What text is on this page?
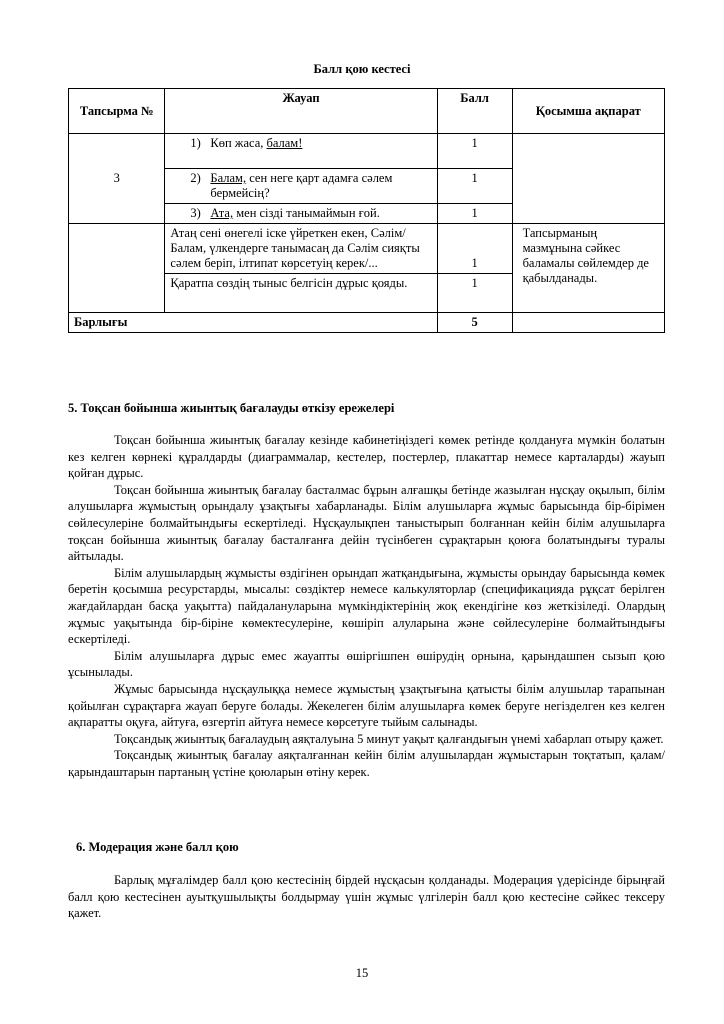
Балл қою кестесі
Тапсырма №	Жауап	Балл	Қосымша ақпарат
3	1) Көп жаса, балам!	1	

	2) Балам, сен неге қарт адамға сәлем бермейсің?	1	

	3) Ата, мен сізді танымаймын ғой.	1	
	Атаң сені өнегелі іске үйреткен екен, Сәлім/ Балам, үлкендерге танымасаң да Сәлім сияқты сәлем беріп, ілтипат көрсетуің керек/...	1	Тапсырманың мазмұнына сәйкес баламалы сөйлемдер де қабылданады.
	Қаратпа сөздің тыныс белгісін дұрыс қояды.	1	
Барлығы		5	
5. Тоқсан бойынша жиынтық бағалауды өткізу ережелері

Тоқсан бойынша жиынтық бағалау кезінде кабинетіңіздегі көмек ретінде қолдануға мүмкін болатын кез келген көрнекі құралдарды (диаграммалар, кестелер, постерлер, плакаттар немесе карталарды) жауып қойған дұрыс.

Тоқсан бойынша жиынтық бағалау басталмас бұрын алғашқы бетінде жазылған нұсқау оқылып, білім алушыларға жұмыстың орындалу ұзақтығы хабарланады. Білім алушыларға жұмыс барысында бір-бірімен сөйлесулеріне болмайтындығы ескертіледі. Нұсқаулықпен таныстырып болғаннан кейін білім алушыларға тоқсан бойынша жиынтық бағалау басталғанға дейін түсінбеген сұрақтарын қоюға болатындығы туралы айтылады.

Білім алушылардың жұмысты өздігінен орындап жатқандығына, жұмысты орындау барысында көмек беретін қосымша ресурстарды, мысалы: сөздіктер немесе калькуляторлар (спецификацияда рұқсат берілген жағдайлардан басқа уақытта) пайдалануларына мүмкіндіктерінің жоқ екендігіне көз жеткізіледі. Олардың жұмыс уақытында бір-біріне көмектесулеріне, көшіріп алуларына және сөйлесулеріне болмайтындығы ескертіледі.

Білім алушыларға дұрыс емес жауапты өшіргішпен өшірудің орнына, қарындашпен сызып қою ұсынылады.

Жұмыс барысында нұсқаулыққа немесе жұмыстың ұзақтығына қатысты білім алушылар тарапынан қойылған сұрақтарға жауап беруге болады. Жекелеген білім алушыларға көмек беруге негізделген кез келген ақпаратты оқуға, айтуға, өзгертіп айтуға немесе көрсетуге тыйым салынады.

Тоқсандық жиынтық бағалаудың аяқталуына 5 минут уақыт қалғандығын үнемі хабарлап отыру қажет.

Тоқсандық жиынтық бағалау аяқталғаннан кейін білім алушылардан жұмыстарын тоқтатып, қалам/қарындаштарын партаның үстіне қоюларын өтіну керек.

6. Модерация және балл қою

Барлық мұғалімдер балл қою кестесінің бірдей нұсқасын қолданады. Модерация үдерісінде бірыңғай балл қою кестесінен ауытқушылықты болдырмау үшін жұмыс үлгілерін балл қою кестесіне сәйкес тексеру қажет.

15
